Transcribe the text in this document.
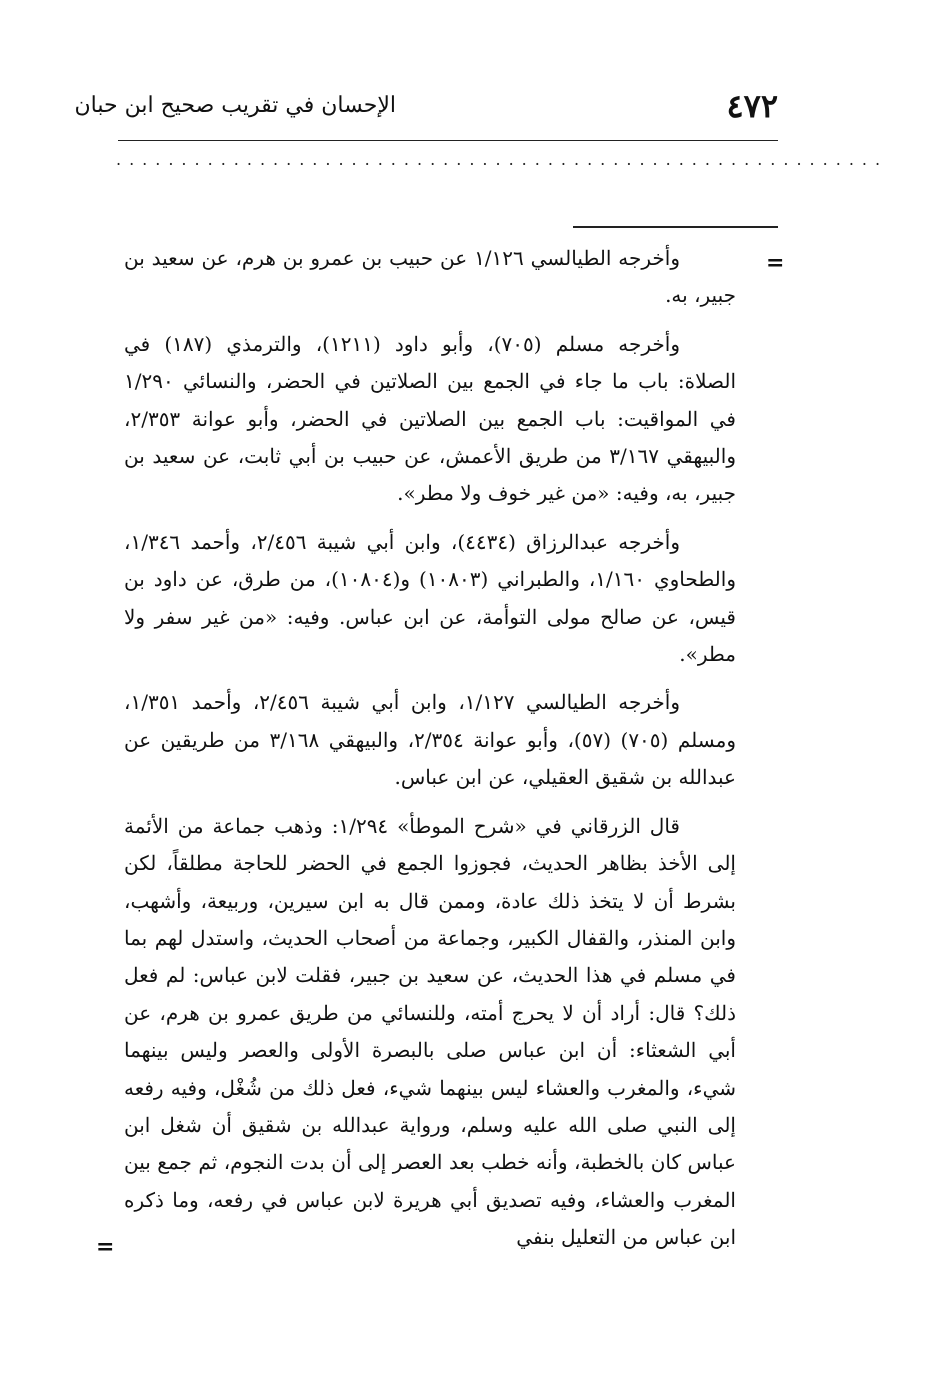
٤٧٢
الإحسان في تقريب صحيح ابن حبان
...........................................................
=

وأخرجه الطيالسي ١/١٢٦ عن حبيب بن عمرو بن هرم، عن سعيد بن جبير، به.

وأخرجه مسلم (٧٠٥)، وأبو داود (١٢١١)، والترمذي (١٨٧) في الصلاة: باب ما جاء في الجمع بين الصلاتين في الحضر، والنسائي ١/٢٩٠ في المواقيت: باب الجمع بين الصلاتين في الحضر، وأبو عوانة ٢/٣٥٣، والبيهقي ٣/١٦٧ من طريق الأعمش، عن حبيب بن أبي ثابت، عن سعيد بن جبير، به، وفيه: «من غير خوف ولا مطر».

وأخرجه عبدالرزاق (٤٤٣٤)، وابن أبي شيبة ٢/٤٥٦، وأحمد ١/٣٤٦، والطحاوي ١/١٦٠، والطبراني (١٠٨٠٣) و(١٠٨٠٤)، من طرق، عن داود بن قيس، عن صالح مولى التوأمة، عن ابن عباس. وفيه: «من غير سفر ولا مطر».

وأخرجه الطيالسي ١/١٢٧، وابن أبي شيبة ٢/٤٥٦، وأحمد ١/٣٥١، ومسلم (٧٠٥) (٥٧)، وأبو عوانة ٢/٣٥٤، والبيهقي ٣/١٦٨ من طريقين عن عبدالله بن شقيق العقيلي، عن ابن عباس.

قال الزرقاني في «شرح الموطأ» ١/٢٩٤: وذهب جماعة من الأئمة إلى الأخذ بظاهر الحديث، فجوزوا الجمع في الحضر للحاجة مطلقاً، لكن بشرط أن لا يتخذ ذلك عادة، وممن قال به ابن سيرين، وربيعة، وأشهب، وابن المنذر، والقفال الكبير، وجماعة من أصحاب الحديث، واستدل لهم بما في مسلم في هذا الحديث، عن سعيد بن جبير، فقلت لابن عباس: لم فعل ذلك؟ قال: أراد أن لا يحرج أمته، وللنسائي من طريق عمرو بن هرم، عن أبي الشعثاء: أن ابن عباس صلى بالبصرة الأولى والعصر وليس بينهما شيء، والمغرب والعشاء ليس بينهما شيء، فعل ذلك من شُغْل، وفيه رفعه إلى النبي صلى الله عليه وسلم، ورواية عبدالله بن شقيق أن شغل ابن عباس كان بالخطبة، وأنه خطب بعد العصر إلى أن بدت النجوم، ثم جمع بين المغرب والعشاء، وفيه تصديق أبي هريرة لابن عباس في رفعه، وما ذكره ابن عباس من التعليل بنفي

=
